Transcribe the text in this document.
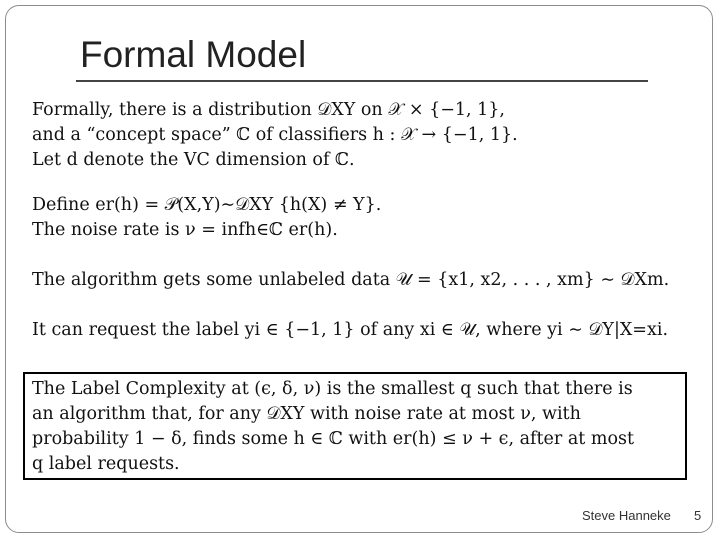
Formal Model
Formally, there is a distribution 𝒟XY on 𝒳 × {−1, 1},
and a “concept space” ℂ of classifiers h : 𝒳 → {−1, 1}.
Let d denote the VC dimension of ℂ.
Define er(h) = 𝒫(X,Y)∼𝒟XY {h(X) ≠ Y}.
The noise rate is ν = infh∈ℂ er(h).
The algorithm gets some unlabeled data 𝒰 = {x1, x2, . . . , xm} ∼ 𝒟Xm.
It can request the label yi ∈ {−1, 1} of any xi ∈ 𝒰, where yi ∼ 𝒟Y|X=xi.
The Label Complexity at (ϵ, δ, ν) is the smallest q such that there is
an algorithm that, for any 𝒟XY with noise rate at most ν, with
probability 1 − δ, finds some h ∈ ℂ with er(h) ≤ ν + ϵ, after at most
q label requests.
Steve Hanneke 5
